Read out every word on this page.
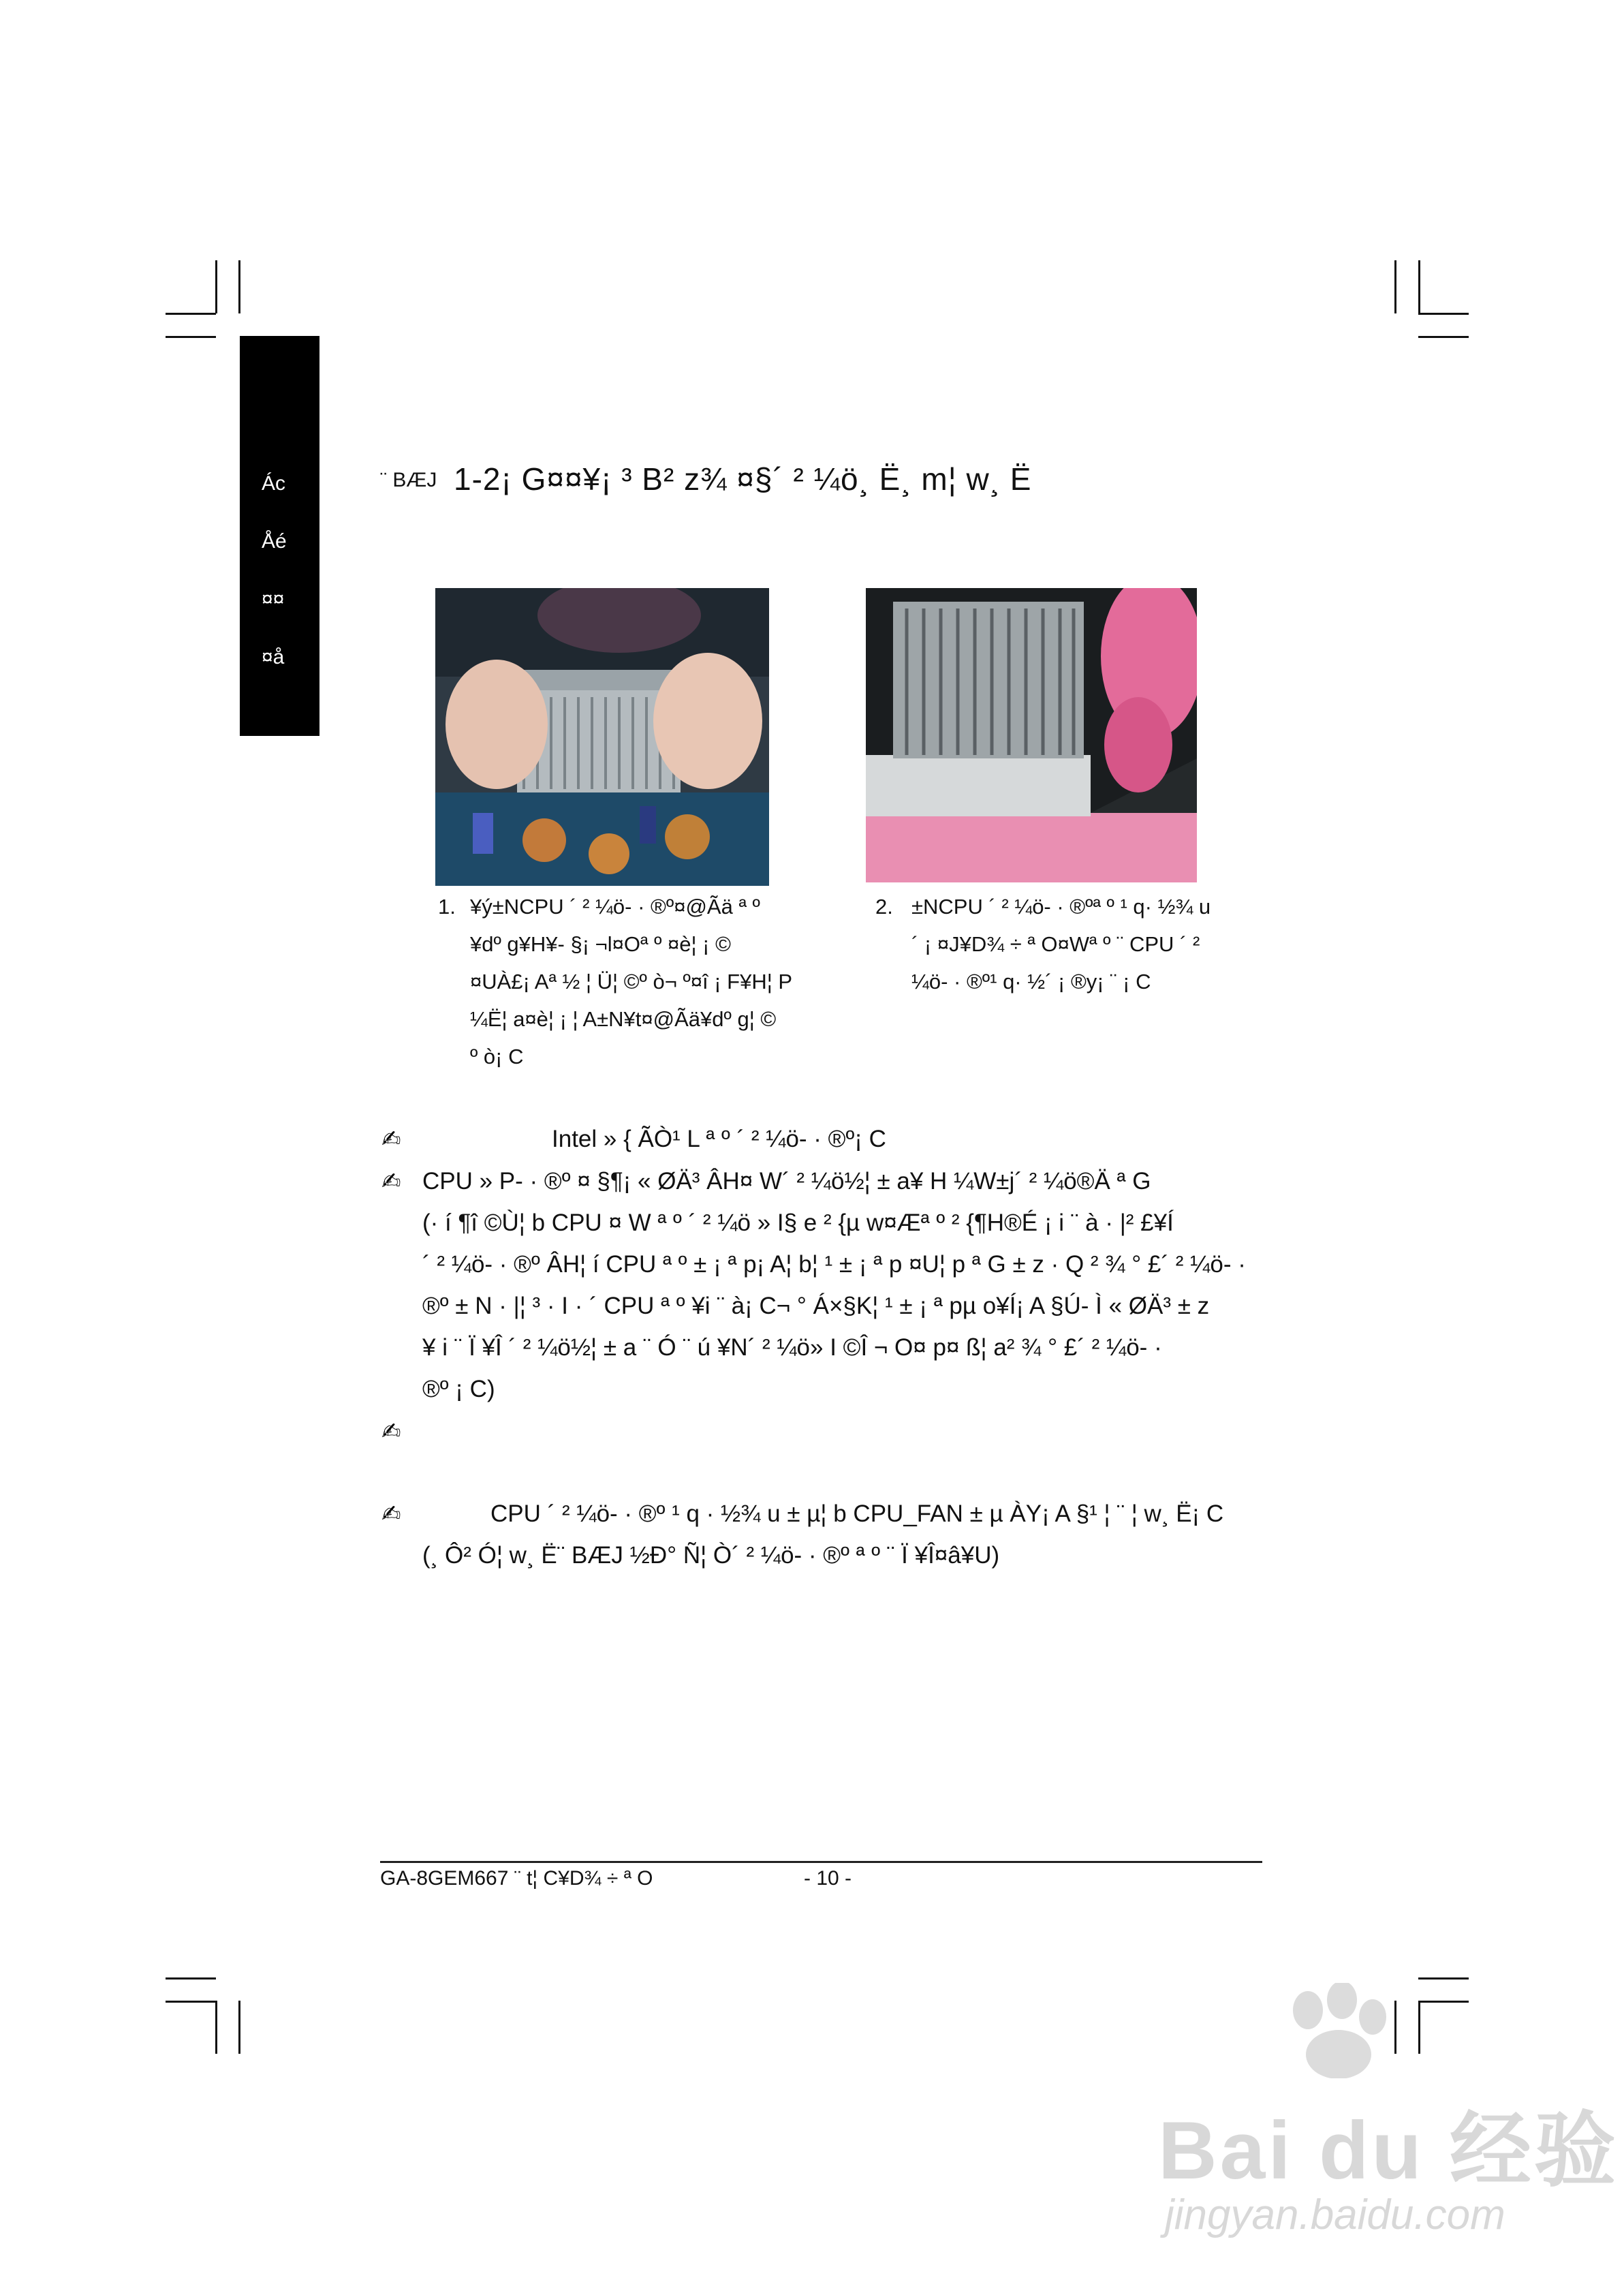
Ác
Åé
¤¤
¤å
¨ BÆJ 1-2¡ G¤¤¥¡ ³ B² z¾ ¤§´ ² ¼ö¸ Ë¸ m¦ w¸ Ë
1. ¥ý±NCPU ´ ² ¼ö- · ®º¤@Ãä ª º
¥dº g¥H¥- §¡ ¬l¤Oª º ¤è¦ ¡ ©
¤UÀ£¡ Aª ½ ¦ Ü¦ ©º ò¬ º¤î ¡ F¥H¦ P
¼Ë¦ a¤è¦ ¡ ¦ A±N¥t¤@Ãä¥dº g¦ ©
º ò¡ C
2. ±NCPU ´ ² ¼ö- · ®ºª º ¹ q· ½¾ u
´ ¡ ¤J¥D¾ ÷ ª O¤Wª º ¨ CPU ´ ²
¼ö- · ®º¹ q· ½´ ¡ ®y¡ ¨ ¡ C
✍	Intel » { ÃÒ¹ L ª º ´ ² ¼ö- · ®º¡ C
✍ CPU » P- · ®º ¤ §¶¡ « ØÄ³ ÂH¤ W´ ² ¼ö½¦ ± a¥ H ¼W±j´ ² ¼ö®Ä ª G
(· í ¶î ©Ù¦ b CPU ¤ W ª º ´ ² ¼ö » I§ e ² {µ w¤Æª º ² {¶H®É ¡ i ¨ à · |² £¥Í
´ ² ¼ö- · ®º ÂH¦ í CPU ª º ± ¡ ª p¡ A¦ b¦ ¹ ± ¡ ª p ¤U¦ p ª G ± z · Q ² ¾ ° £´ ² ¼ö- ·
®º ± N · |¦ ³ · I · ´ CPU ª º ¥i ¨ à¡ C¬ ° Á×§K¦ ¹ ± ¡ ª pµ o¥Í¡ A §Ú- Ì « ØÄ³ ± z
¥ i ¨ Ï ¥Î ´ ² ¼ö½¦ ± a ¨ Ó ¨ ú ¥N´ ² ¼ö» I ©Î ¬ O¤ p¤ ß¦ a² ¾ ° £´ ² ¼ö- ·
®º ¡ C)
✍
✍	CPU ´ ² ¼ö- · ®º ¹ q · ½¾ u ± µ¦ b CPU_FAN ± µ ÀY¡ A §¹ ¦ ¨ ¦ w¸ Ë¡ C
(¸ Ô² Ó¦ w¸ Ë¨ BÆJ ½Ð° Ñ¦ Ò´ ² ¼ö- · ®º ª º ¨ Ï ¥Î¤â¥U)
GA-8GEM667 ¨ t¦ C¥D¾ ÷ ª O	- 10 -
Bai du 经验
jingyan.baidu.com
